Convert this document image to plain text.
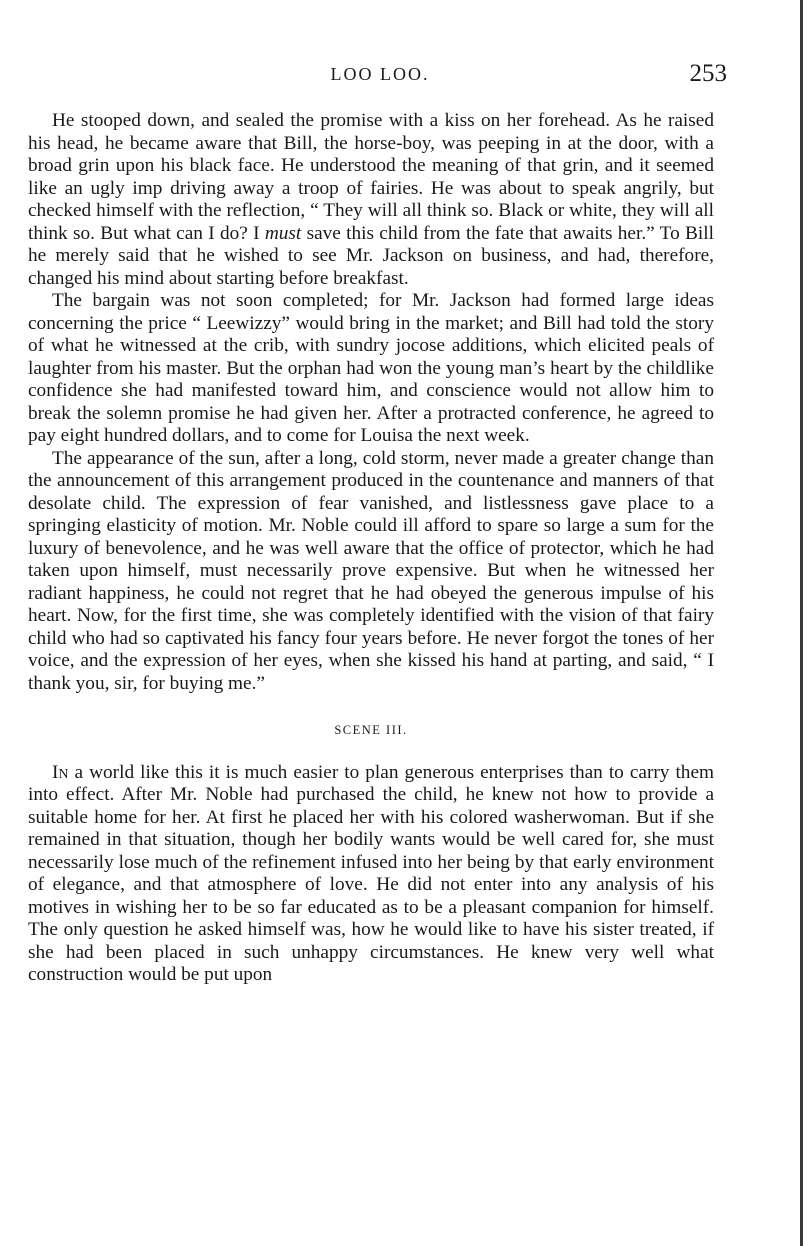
LOO LOO.	253

He stooped down, and sealed the promise with a kiss on her forehead. As he raised his head, he became aware that Bill, the horse-boy, was peeping in at the door, with a broad grin upon his black face. He understood the meaning of that grin, and it seemed like an ugly imp driving away a troop of fairies. He was about to speak angrily, but checked himself with the reflection, “ They will all think so. Black or white, they will all think so. But what can I do? I must save this child from the fate that awaits her.” To Bill he merely said that he wished to see Mr. Jackson on business, and had, therefore, changed his mind about starting before breakfast.

The bargain was not soon completed; for Mr. Jackson had formed large ideas concerning the price “ Leewizzy” would bring in the market; and Bill had told the story of what he witnessed at the crib, with sundry jocose additions, which elicited peals of laughter from his master. But the orphan had won the young man’s heart by the childlike confidence she had manifested toward him, and conscience would not allow him to break the solemn promise he had given her. After a protracted conference, he agreed to pay eight hundred dollars, and to come for Louisa the next week.

The appearance of the sun, after a long, cold storm, never made a greater change than the announcement of this arrangement produced in the countenance and manners of that desolate child. The expression of fear vanished, and listlessness gave place to a springing elasticity of motion. Mr. Noble could ill afford to spare so large a sum for the luxury of benevolence, and he was well aware that the office of protector, which he had taken upon himself, must necessarily prove expensive. But when he witnessed her radiant happiness, he could not regret that he had obeyed the generous impulse of his heart. Now, for the first time, she was completely identified with the vision of that fairy child who had so captivated his fancy four years before. He never forgot the tones of her voice, and the expression of her eyes, when she kissed his hand at parting, and said, “ I thank you, sir, for buying me.”

SCENE III.

In a world like this it is much easier to plan generous enterprises than to carry them into effect. After Mr. Noble had purchased the child, he knew not how to provide a suitable home for her. At first he placed her with his colored washerwoman. But if she remained in that situation, though her bodily wants would be well cared for, she must necessarily lose much of the refinement infused into her being by that early environment of elegance, and that atmosphere of love. He did not enter into any analysis of his motives in wishing her to be so far educated as to be a pleasant companion for himself. The only question he asked himself was, how he would like to have his sister treated, if she had been placed in such unhappy circumstances. He knew very well what construction would be put upon
